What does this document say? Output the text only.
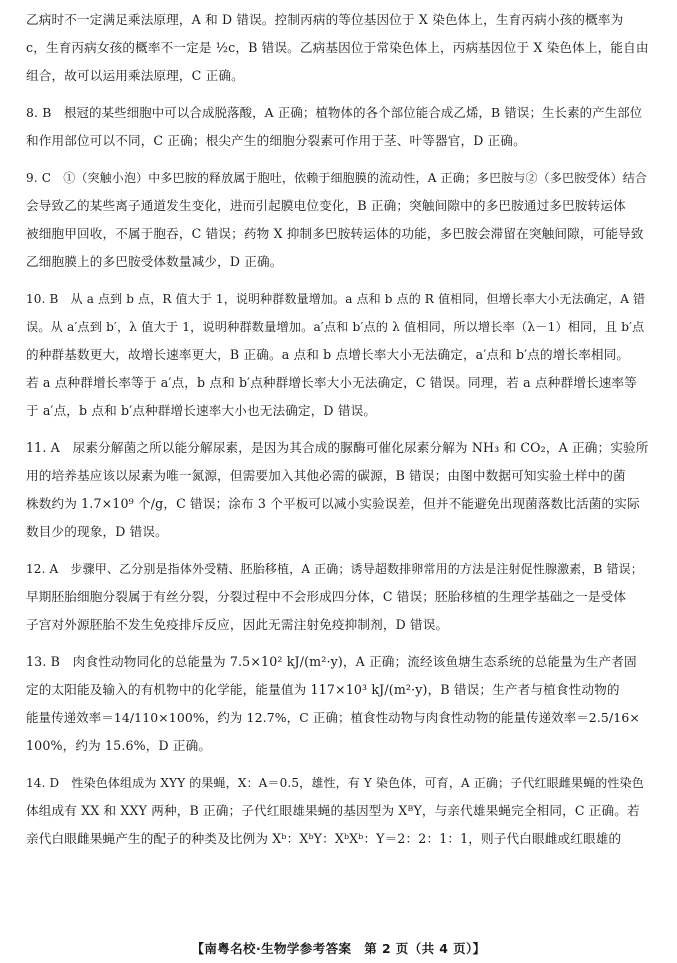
乙病时不一定满足乘法原理，A 和 D 错误。控制丙病的等位基因位于 X 染色体上，生育丙病小孩的概率为
c，生育丙病女孩的概率不一定是 ½c，B 错误。乙病基因位于常染色体上，丙病基因位于 X 染色体上，能自由
组合，故可以运用乘法原理，C 正确。
8. B　根冠的某些细胞中可以合成脱落酸，A 正确；植物体的各个部位能合成乙烯，B 错误；生长素的产生部位
和作用部位可以不同，C 正确；根尖产生的细胞分裂素可作用于茎、叶等器官，D 正确。
9. C　①（突触小泡）中多巴胺的释放属于胞吐，依赖于细胞膜的流动性，A 正确；多巴胺与②（多巴胺受体）结合
会导致乙的某些离子通道发生变化，进而引起膜电位变化，B 正确；突触间隙中的多巴胺通过多巴胺转运体
被细胞甲回收，不属于胞吞，C 错误；药物 X 抑制多巴胺转运体的功能，多巴胺会滞留在突触间隙，可能导致
乙细胞膜上的多巴胺受体数量减少，D 正确。
10. B　从 a 点到 b 点，R 值大于 1，说明种群数量增加。a 点和 b 点的 R 值相同，但增长率大小无法确定，A 错
误。从 a′点到 b′，λ 值大于 1，说明种群数量增加。a′点和 b′点的 λ 值相同，所以增长率（λ－1）相同，且 b′点
的种群基数更大，故增长速率更大，B 正确。a 点和 b 点增长率大小无法确定，a′点和 b′点的增长率相同。
若 a 点种群增长率等于 a′点，b 点和 b′点种群增长率大小无法确定，C 错误。同理，若 a 点种群增长速率等
于 a′点，b 点和 b′点种群增长速率大小也无法确定，D 错误。
11. A　尿素分解菌之所以能分解尿素，是因为其合成的脲酶可催化尿素分解为 NH₃ 和 CO₂，A 正确；实验所
用的培养基应该以尿素为唯一氮源，但需要加入其他必需的碳源，B 错误；由图中数据可知实验土样中的菌
株数约为 1.7×10⁹ 个/g，C 错误；涂布 3 个平板可以减小实验误差，但并不能避免出现菌落数比活菌的实际
数目少的现象，D 错误。
12. A　步骤甲、乙分别是指体外受精、胚胎移植，A 正确；诱导超数排卵常用的方法是注射促性腺激素，B 错误；
早期胚胎细胞分裂属于有丝分裂，分裂过程中不会形成四分体，C 错误；胚胎移植的生理学基础之一是受体
子宫对外源胚胎不发生免疫排斥反应，因此无需注射免疫抑制剂，D 错误。
13. B　肉食性动物同化的总能量为 7.5×10² kJ/(m²·y)，A 正确；流经该鱼塘生态系统的总能量为生产者固
定的太阳能及输入的有机物中的化学能，能量值为 117×10³ kJ/(m²·y)，B 错误；生产者与植食性动物的
能量传递效率＝14/110×100%，约为 12.7%，C 正确；植食性动物与肉食性动物的能量传递效率＝2.5/16×
100%，约为 15.6%，D 正确。
14. D　性染色体组成为 XYY 的果蝇，X：A＝0.5，雄性，有 Y 染色体，可育，A 正确；子代红眼雌果蝇的性染色
体组成有 XX 和 XXY 两种，B 正确；子代红眼雄果蝇的基因型为 XᴮY，与亲代雄果蝇完全相同，C 正确。若
亲代白眼雌果蝇产生的配子的种类及比例为 Xᵇ：XᵇY：XᵇXᵇ：Y＝2：2：1：1，则子代白眼雌或红眼雄的
【南粤名校·生物学参考答案　第 2 页（共 4 页）】
